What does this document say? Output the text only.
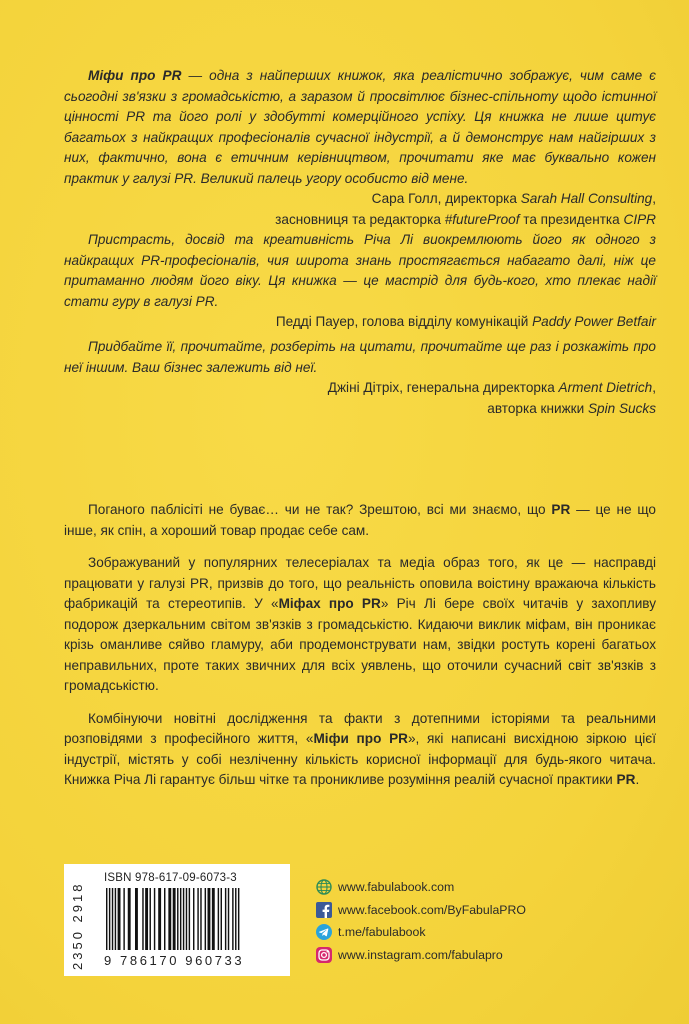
Міфи про PR — одна з найперших книжок, яка реалістично зображує, чим саме є сьогодні зв'язки з громадськістю, а заразом й просвітлює бізнес-спільноту щодо істинної цінності PR та його ролі у здобутті комерційного успіху. Ця книжка не лише цитує багатьох з найкращих професіоналів сучасної індустрії, а й демонструє нам найгірших з них, фактично, вона є етичним керівництвом, прочитати яке має буквально кожен практик у галузі PR. Великий палець угору особисто від мене.

Сара Голл, директорка Sarah Hall Consulting,
засновниця та редакторка #futureProof та президентка CIPR

Пристрасть, досвід та креативність Річа Лі виокремлюють його як одного з найкращих PR-професіоналів, чия широта знань простягається набагато далі, ніж це притаманно людям його віку. Ця книжка — це мастрід для будь-кого, хто плекає надії стати гуру в галузі PR.

Педді Пауер, голова відділу комунікацій Paddy Power Betfair

Придбайте її, прочитайте, розберіть на цитати, прочитайте ще раз і розкажіть про неї іншим. Ваш бізнес залежить від неї.

Джіні Дітріх, генеральна директорка Arment Dietrich,
авторка книжки Spin Sucks

Поганого паблісіті не буває… чи не так? Зрештою, всі ми знаємо, що PR — це не що інше, як спін, а хороший товар продає себе сам.

Зображуваний у популярних телесеріалах та медіа образ того, як це — насправді працювати у галузі PR, призвів до того, що реальність оповила воістину вражаюча кількість фабрикацій та стереотипів. У «Міфах про PR» Річ Лі бере своїх читачів у захопливу подорож дзеркальним світом зв'язків з громадськістю. Кидаючи виклик міфам, він проникає крізь оманливе сяйво гламуру, аби продемонструвати нам, звідки ростуть корені багатьох неправильних, проте таких звичних для всіх уявлень, що оточили сучасний світ зв'язків з громадськістю.

Комбінуючи новітні дослідження та факти з дотепними історіями та реальними розповідями з професійного життя, «Міфи про PR», які написані висхідною зіркою цієї індустрії, містять у собі незліченну кількість корисної інформації для будь-якого читача. Книжка Річа Лі гарантує більш чітке та проникливе розуміння реалій сучасної практики PR.

2350 2918
ISBN 978-617-09-6073-3
9 786170 960733
www.fabulabook.com
www.facebook.com/ByFabulaPRO
t.me/fabulabook
www.instagram.com/fabulapro
